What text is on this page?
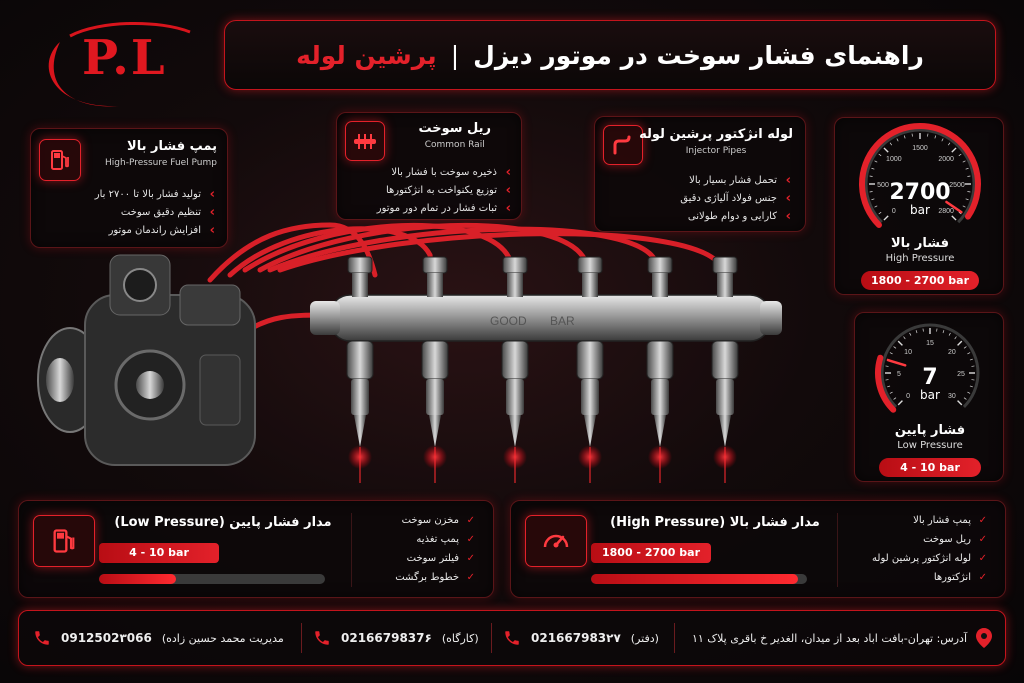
P.L	راهنمای فشار سوخت در موتور دیزل
|
پرشین لوله
پمپ فشار بالا
High-Pressure Fuel Pump
› تولید فشار بالا تا ۲۷۰۰ بار
› تنظیم دقیق سوخت
› افزایش راندمان موتور
ریل سوخت
Common Rail
› ذخیره سوخت با فشار بالا
› توزیع یکنواخت به انژکتورها
› ثبات فشار در تمام دور موتور
لوله انژکتور پرشین لوله
Injector Pipes
› تحمل فشار بسیار بالا
› جنس فولاد آلیاژی دقیق
› کارایی و دوام طولانی
GOOD BAR
0
500
1000
1500
2000
2500
2800
2700
bar
فشار بالا
High Pressure
1800 - 2700 bar
0
5
10
15
20
25
30
7
bar
فشار پایین
Low Pressure
4 - 10 bar
مدار فشار پایین (Low Pressure)
4 - 10 bar
✓ مخزن سوخت
✓ پمپ تغذیه
✓ فیلتر سوخت
✓ خطوط برگشت
مدار فشار بالا (High Pressure)
1800 - 2700 bar
✓ پمپ فشار بالا
✓ ریل سوخت
✓ لوله انژکتور پرشین لوله
✓ انژکتورها
آدرس: تهران-بافت اباد بعد از میدان، الغدیر خ باقری پلاک ۱۱
021667983۲۷ (دفتر)
0216679837۶ (کارگاه)
0912502۳066 مدیریت محمد حسین زاده)
